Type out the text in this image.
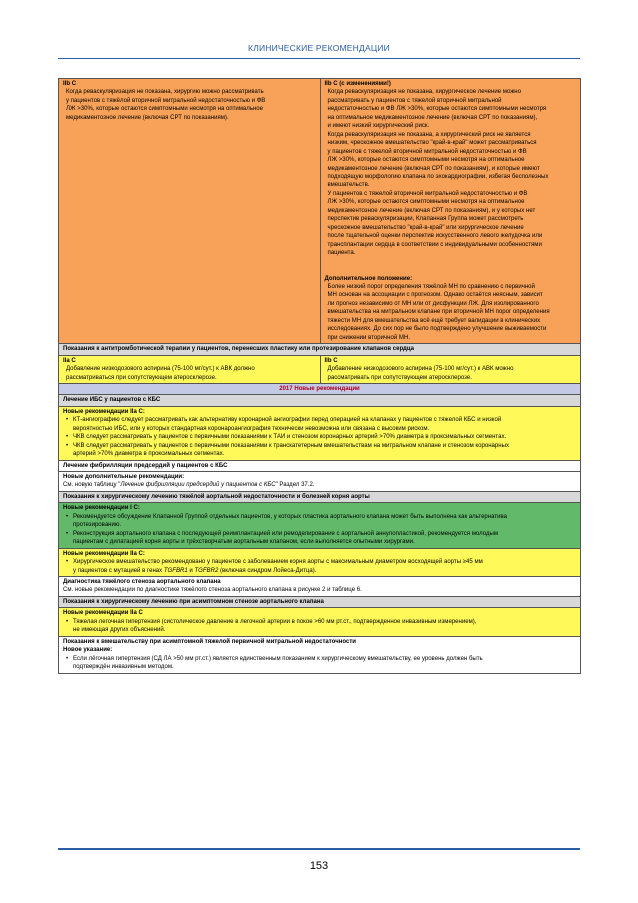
КЛИНИЧЕСКИЕ РЕКОМЕНДАЦИИ
IIb C
Когда реваскуляризация не показана, хирургию можно рассматривать
у пациентов с тяжёлой вторичной митральной недостаточностью и ФВ
ЛЖ >30%, которые остаются симптомными несмотря на оптимальное
медикаментозное лечение (включая СРТ по показаниям).
IIb C (с изменениями!)
Когда реваскуляризация не показана, хирургическое лечение можно
рассматривать у пациентов с тяжелой вторичной митральной
недостаточностью и ФВ ЛЖ >30%, которые остаются симптомными несмотря
на оптимальное медикаментозное лечение (включая СРТ по показаниям),
и имеют низкий хирургический риск.
Когда реваскуляризация не показана, а хирургический риск не является
низким, чрескожное вмешательство "край-в-край" может рассматриваться
у пациентов с тяжелой вторичной митральной недостаточностью и ФВ
ЛЖ >30%, которые остаются симптомными несмотря на оптимальное
медикаментозное лечение (включая СРТ по показаниям), и которые имеют
подходящую морфологию клапана по эхокардиографии, избегая бесполезных
вмешательств.
У пациентов с тяжелой вторичной митральной недостаточностью и ФВ
ЛЖ >30%, которые остаются симптомными несмотря на оптимальное
медикаментозное лечение (включая СРТ по показаниям), и у которых нет
перспектив реваскуляризации, Клапанная Группа может рассмотреть
чрескожное вмешательство "край-в-край" или хирургическое лечение
после тщательной оценки перспектив искусственного левого желудочка или
трансплантации сердца в соответствии с индивидуальными особенностями
пациента.
Дополнительное положение:
Более низкий порог определения тяжёлой МН по сравнению с первичной
МН основан на ассоциации с прогнозом. Однако остаётся неясным, зависит
ли прогноз независимо от МН или от дисфункции ЛЖ. Для изолированного
вмешательства на митральном клапане при вторичной МН порог определения
тяжести МН для вмешательства всё ещё требует валидации в клинических
исследованиях. До сих пор не было подтверждено улучшение выживаемости
при снижении вторичной МН.
Показания к антитромботической терапии у пациентов, перенесших пластику или протезирование клапанов сердца
IIa C
Добавление низкодозового аспирина (75-100 мг/сут.) к АВК должно
рассматриваться при сопутствующем атеросклерозе.
IIb C
Добавление низкодозового аспирина (75-100 мг/сут.) к АВК можно
рассматривать при сопутствующем атеросклерозе.
2017 Новые рекомендации
Лечение ИБС у пациентов с КБС
Новые рекомендации IIa C:
• КТ-ангиографию следует рассматривать как альтернативу коронарной ангиографии перед операцией на клапанах у пациентов с тяжелой КБС и низкой
вероятностью ИБС, или у которых стандартная коронароангиография технически невозможна или связана с высоким риском.
• ЧКВ следует рассматривать у пациентов с первичными показаниями к ТАИ и стенозом коронарных артерий >70% диаметра в проксимальных сегментах.
• ЧКВ следует рассматривать у пациентов с первичными показаниями к транскатетерным вмешательствам на митральном клапане и стенозом коронарных
артерий >70% диаметра в проксимальных сегментах.
Лечение фибрилляции предсердий у пациентов с КБС
Новые дополнительные рекомендации:
См. новую таблицу "Лечение фибрилляции предсердий у пациентов с КБС" Раздел 37.2.
Показания к хирургическому лечению тяжёлой аортальной недостаточности и болезней корня аорты
Новые рекомендации I C:
• Рекомендуется обсуждение Клапанной Группой отдельных пациентов, у которых пластика аортального клапана может быть выполнена как альтернатива
протезированию.
• Реконструкция аортального клапана с последующей реимплантацией или ремоделирование с аортальной аннулопластикой, рекомендуется молодым
пациентам с дилатацией корня аорты и трёхстворчатым аортальным клапаном, если выполняется опытными хирургами.
Новые рекомендации IIa C:
• Хирургическое вмешательство рекомендовано у пациентов с заболеванием корня аорты с максимальным диаметром восходящей аорты ≥45 мм
у пациентов с мутацией в генах TGFBR1 и TGFBR2 (включая синдром Лойеса-Дитца).
Диагностика тяжёлого стеноза аортального клапана
См. новые рекомендации по диагностике тяжёлого стеноза аортального клапана в рисунке 2 и таблице 6.
Показания к хирургическому лечению при асимптомном стенозе аортального клапана
Новые рекомендации IIa C
• Тяжелая легочная гипертензия (систолическое давление в легочной артерии в покое >60 мм рт.ст., подтвержденное инвазивным измерением),
не имеющая других объяснений.
Показания к вмешательству при асимптомной тяжелой первичной митральной недостаточности
Новое указание:
• Если лёгочная гипертензия (СД ЛА >50 мм рт.ст.) является единственным показанием к хирургическому вмешательству, ее уровень должен быть
подтверждён инвазивным методом.
153
